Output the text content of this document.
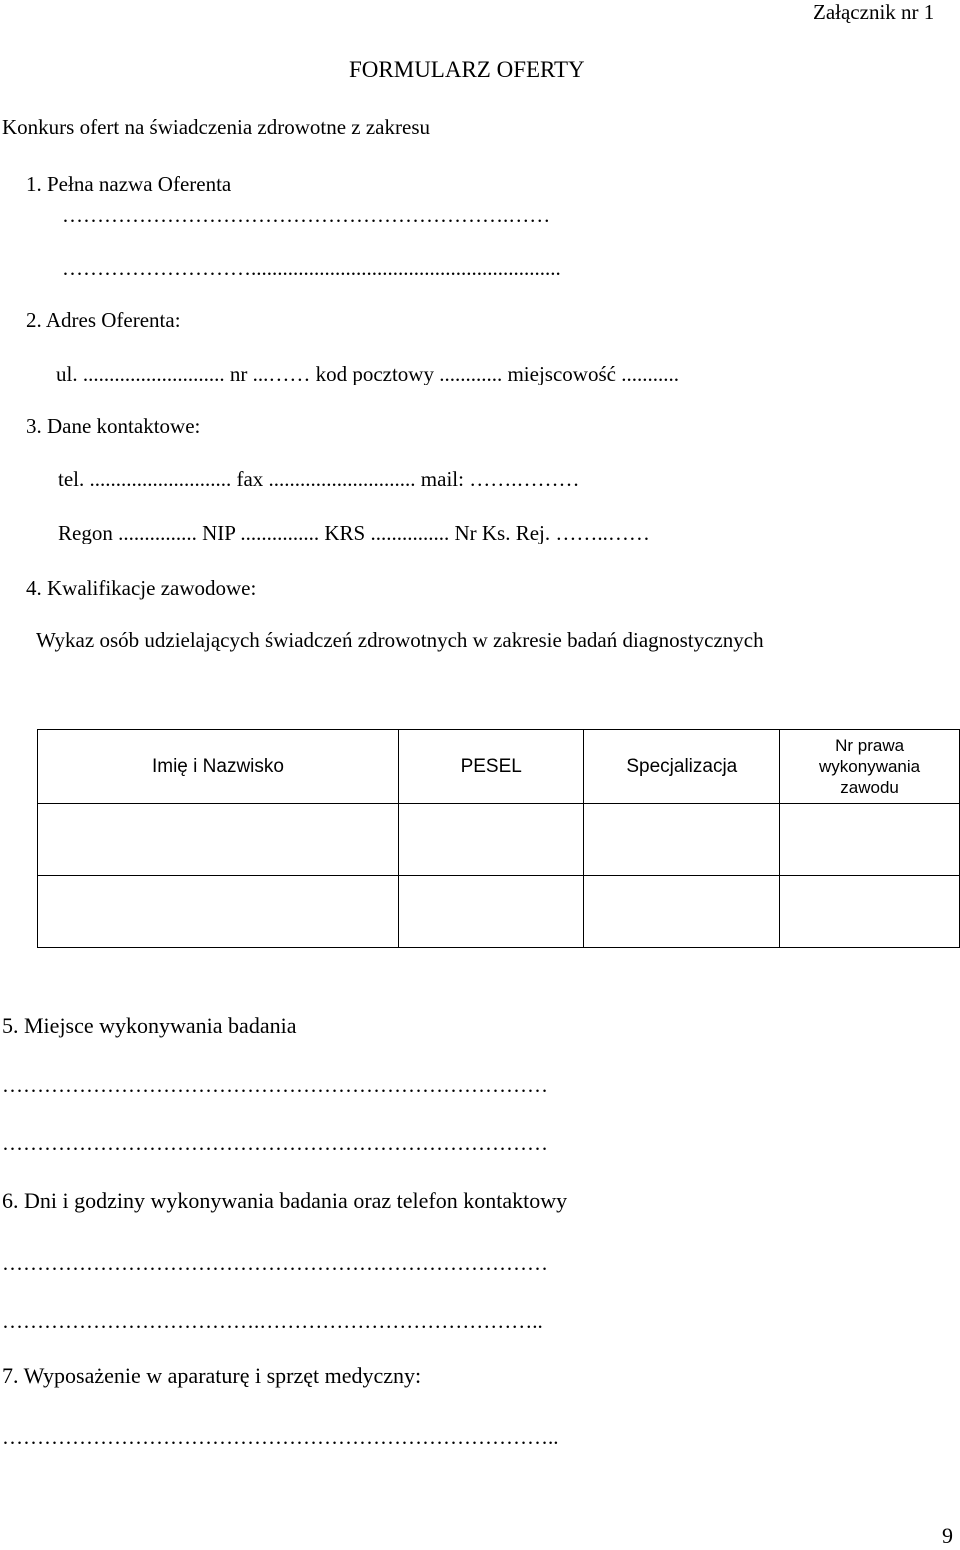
Załącznik nr 1
FORMULARZ OFERTY
Konkurs ofert na świadczenia zdrowotne z zakresu
1. Pełna nazwa Oferenta
……………………………………………………….……
………………………...........................................................
2. Adres Oferenta:
ul. ........................... nr ...…… kod pocztowy ............ miejscowość ...........
3. Dane kontaktowe:
tel. ........................... fax ............................ mail: …….………
Regon ............... NIP ............... KRS ............... Nr Ks. Rej. ……..……
4. Kwalifikacje zawodowe:
Wykaz osób udzielających świadczeń zdrowotnych w zakresie badań diagnostycznych
Imię i Nazwisko	PESEL	Specjalizacja	Nr prawa wykonywania zawodu

5. Miejsce wykonywania badania
……………………………………………………………………
……………………………………………………………………
6. Dni i godziny wykonywania badania oraz telefon kontaktowy
……………………………………………………………………
……………………………….…………………………………..
7. Wyposażenie w aparaturę i sprzęt medyczny:
……………………………………………………………………..
9
